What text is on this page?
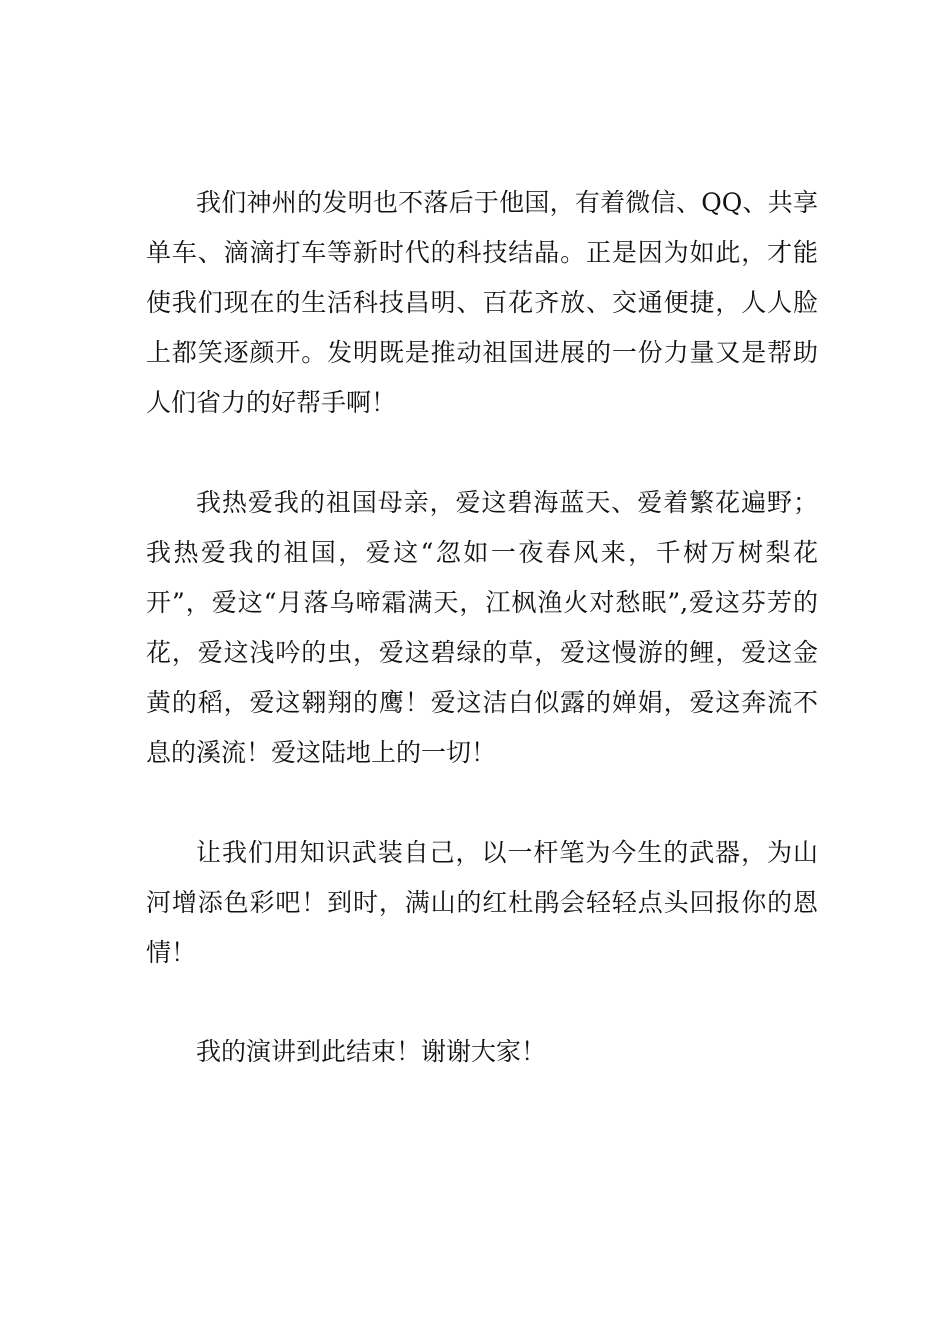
我们神州的发明也不落后于他国，有着微信、QQ、共享单车、滴滴打车等新时代的科技结晶。正是因为如此，才能使我们现在的生活科技昌明、百花齐放、交通便捷，人人脸上都笑逐颜开。发明既是推动祖国进展的一份力量又是帮助人们省力的好帮手啊！

我热爱我的祖国母亲，爱这碧海蓝天、爱着繁花遍野；我热爱我的祖国，爱这“忽如一夜春风来，千树万树梨花开”，爱这“月落乌啼霜满天，江枫渔火对愁眠”,爱这芬芳的花，爱这浅吟的虫，爱这碧绿的草，爱这慢游的鲤，爱这金黄的稻，爱这翱翔的鹰！爱这洁白似露的婵娟，爱这奔流不息的溪流！爱这陆地上的一切！

让我们用知识武装自己，以一杆笔为今生的武器，为山河增添色彩吧！到时，满山的红杜鹃会轻轻点头回报你的恩情！

我的演讲到此结束！谢谢大家！
